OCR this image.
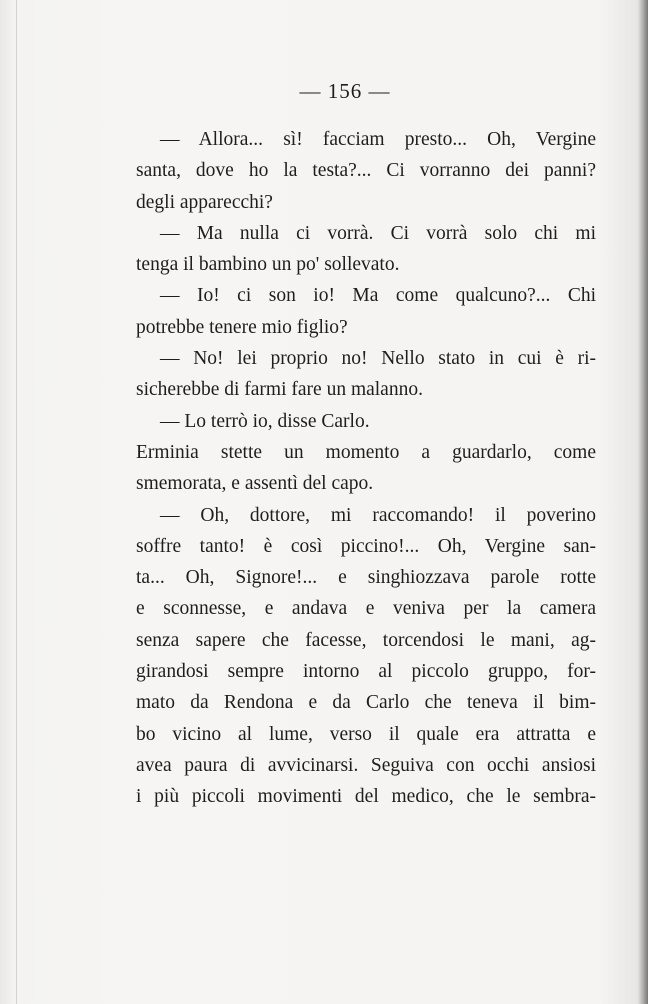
— 156 —

— Allora... sì! facciam presto... Oh, Vergine
santa, dove ho la testa?... Ci vorranno dei panni?
degli apparecchi?
— Ma nulla ci vorrà. Ci vorrà solo chi mi
tenga il bambino un po' sollevato.
— Io! ci son io! Ma come qualcuno?... Chi
potrebbe tenere mio figlio?
— No! lei proprio no! Nello stato in cui è ri-
sicherebbe di farmi fare un malanno.
— Lo terrò io, disse Carlo.
Erminia stette un momento a guardarlo, come
smemorata, e assentì del capo.
— Oh, dottore, mi raccomando! il poverino
soffre tanto! è così piccino!... Oh, Vergine san-
ta... Oh, Signore!... e singhiozzava parole rotte
e sconnesse, e andava e veniva per la camera
senza sapere che facesse, torcendosi le mani, ag-
girandosi sempre intorno al piccolo gruppo, for-
mato da Rendona e da Carlo che teneva il bim-
bo vicino al lume, verso il quale era attratta e
avea paura di avvicinarsi. Seguiva con occhi ansiosi
i più piccoli movimenti del medico, che le sembra-
